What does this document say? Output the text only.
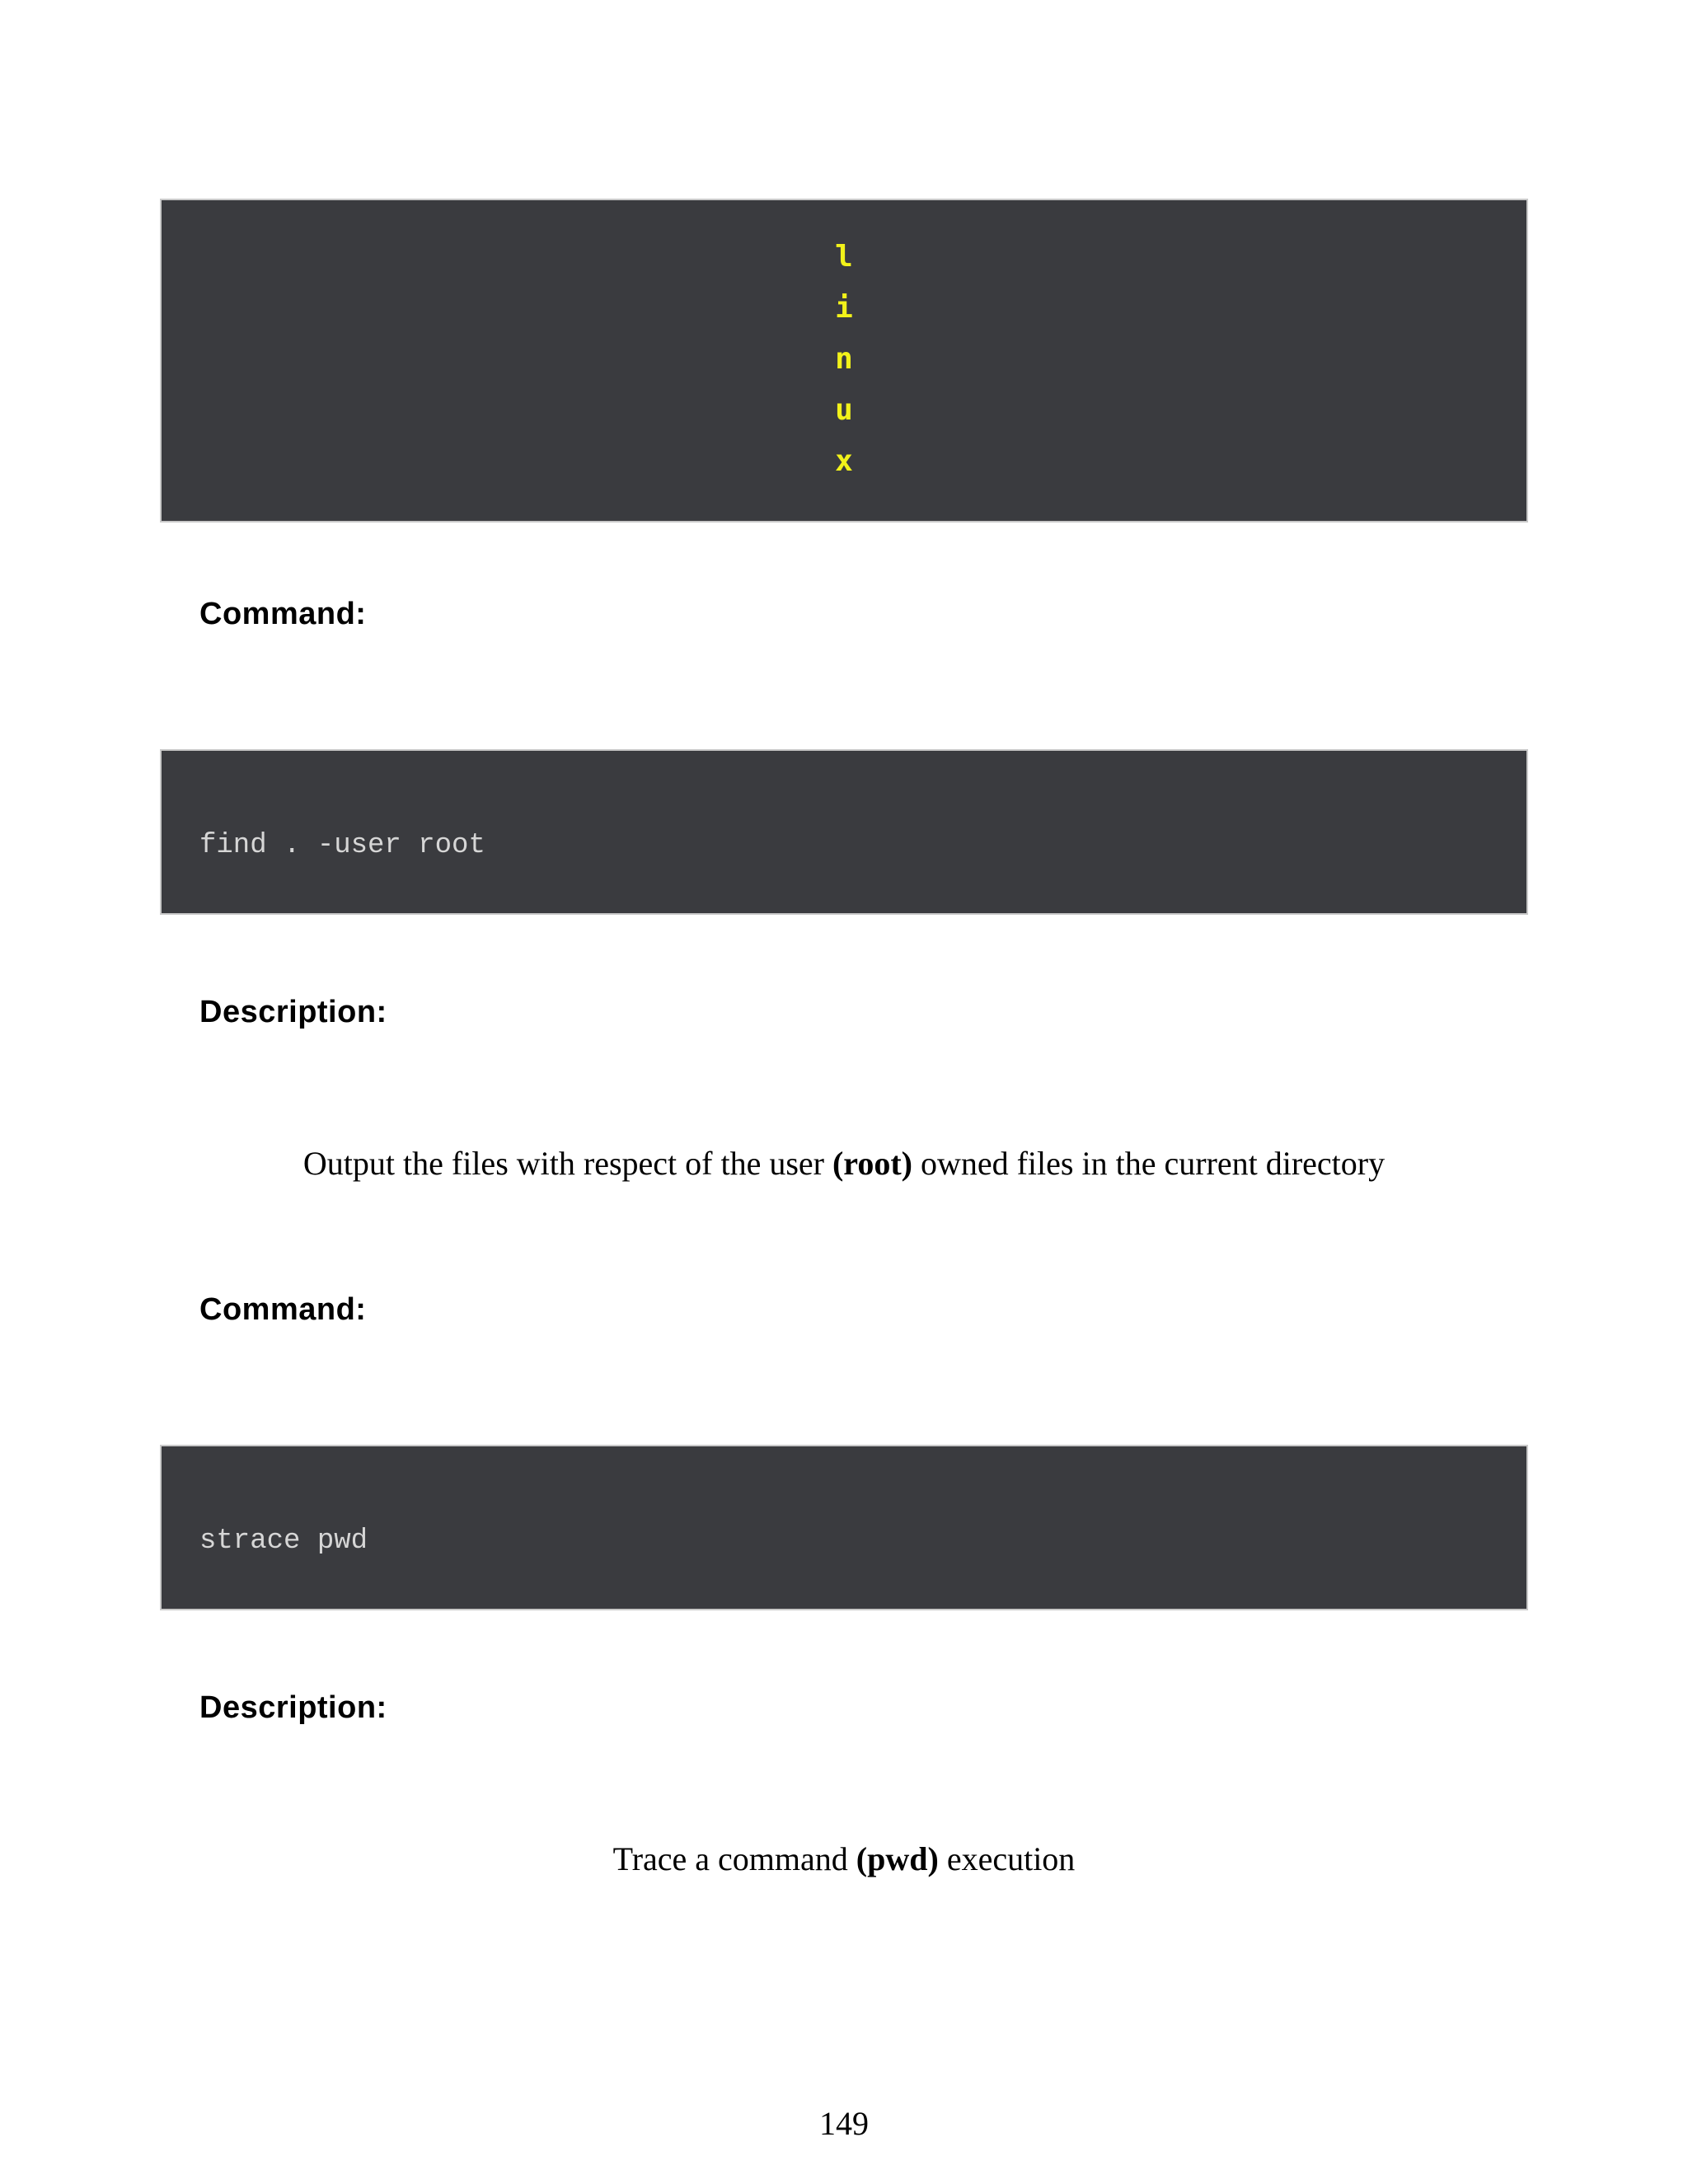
l
i
n
u
x
Command:
find . -user root
Description:
Output the files with respect of the user (root) owned files in the current directory
Command:
strace pwd
Description:
Trace a command (pwd) execution
149
